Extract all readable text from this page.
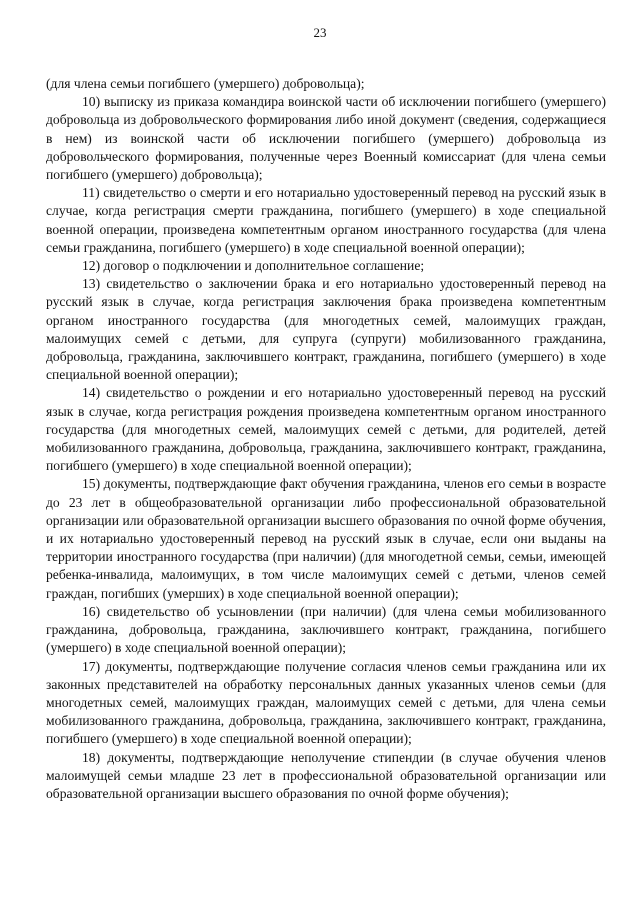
23

(для члена семьи погибшего (умершего) добровольца);

10) выписку из приказа командира воинской части об исключении погибшего (умершего) добровольца из добровольческого формирования либо иной документ (сведения, содержащиеся в нем) из воинской части об исключении погибшего (умершего) добровольца из добровольческого формирования, полученные через Военный комиссариат (для члена семьи погибшего (умершего) добровольца);

11) свидетельство о смерти и его нотариально удостоверенный перевод на русский язык в случае, когда регистрация смерти гражданина, погибшего (умершего) в ходе специальной военной операции, произведена компетентным органом иностранного государства (для члена семьи гражданина, погибшего (умершего) в ходе специальной военной операции);

12) договор о подключении и дополнительное соглашение;

13) свидетельство о заключении брака и его нотариально удостоверенный перевод на русский язык в случае, когда регистрация заключения брака произведена компетентным органом иностранного государства (для многодетных семей, малоимущих граждан, малоимущих семей с детьми, для супруга (супруги) мобилизованного гражданина, добровольца, гражданина, заключившего контракт, гражданина, погибшего (умершего) в ходе специальной военной операции);

14) свидетельство о рождении и его нотариально удостоверенный перевод на русский язык в случае, когда регистрация рождения произведена компетентным органом иностранного государства (для многодетных семей, малоимущих семей с детьми, для родителей, детей мобилизованного гражданина, добровольца, гражданина, заключившего контракт, гражданина, погибшего (умершего) в ходе специальной военной операции);

15) документы, подтверждающие факт обучения гражданина, членов его семьи в возрасте до 23 лет в общеобразовательной организации либо профессиональной образовательной организации или образовательной организации высшего образования по очной форме обучения, и их нотариально удостоверенный перевод на русский язык в случае, если они выданы на территории иностранного государства (при наличии) (для многодетной семьи, семьи, имеющей ребенка-инвалида, малоимущих, в том числе малоимущих семей с детьми, членов семей граждан, погибших (умерших) в ходе специальной военной операции);

16) свидетельство об усыновлении (при наличии) (для члена семьи мобилизованного гражданина, добровольца, гражданина, заключившего контракт, гражданина, погибшего (умершего) в ходе специальной военной операции);

17) документы, подтверждающие получение согласия членов семьи гражданина или их законных представителей на обработку персональных данных указанных членов семьи (для многодетных семей, малоимущих граждан, малоимущих семей с детьми, для члена семьи мобилизованного гражданина, добровольца, гражданина, заключившего контракт, гражданина, погибшего (умершего) в ходе специальной военной операции);

18) документы, подтверждающие неполучение стипендии (в случае обучения членов малоимущей семьи младше 23 лет в профессиональной образовательной организации или образовательной организации высшего образования по очной форме обучения);
